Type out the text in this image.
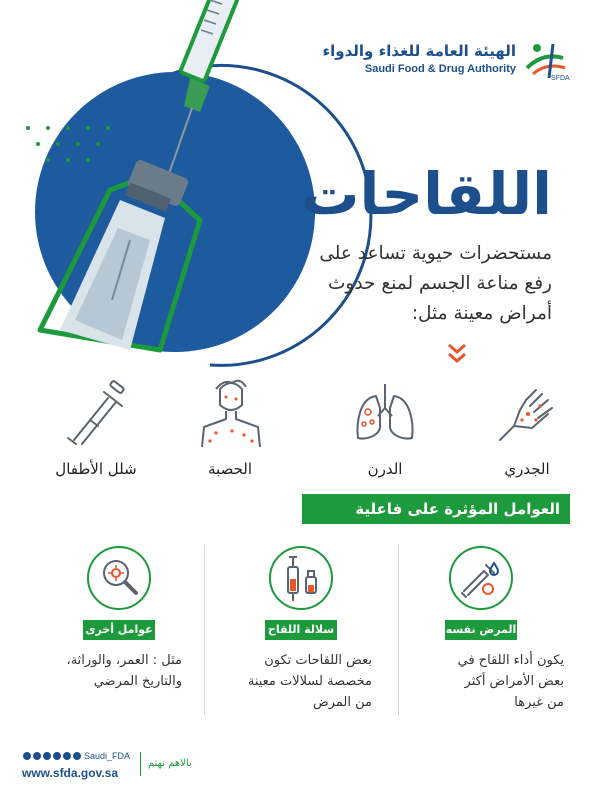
SFDA
الهيئة العامة للغذاء والدواء
Saudi Food & Drug Authority
اللقاحات
مستحضرات حيوية تساعد على
رفع مناعة الجسم لمنع حدوث
أمراض معينة مثل:
الجدري
الدرن
الحصبة
شلل الأطفال
العوامل المؤثرة على فاعلية اللقاح:
المرض نفسه
سلالة اللقاح
عوامل أخرى
يكون أداء اللقاح في
بعض الأمراض أكثر
من غيرها
بعض اللقاحات تكون
مخصصة لسلالات معينة
من المرض
مثل : العمر، والوراثة،
والتاريخ المرضي
Saudi_FDA
www.sfda.gov.sa
بالاهم نهتم
